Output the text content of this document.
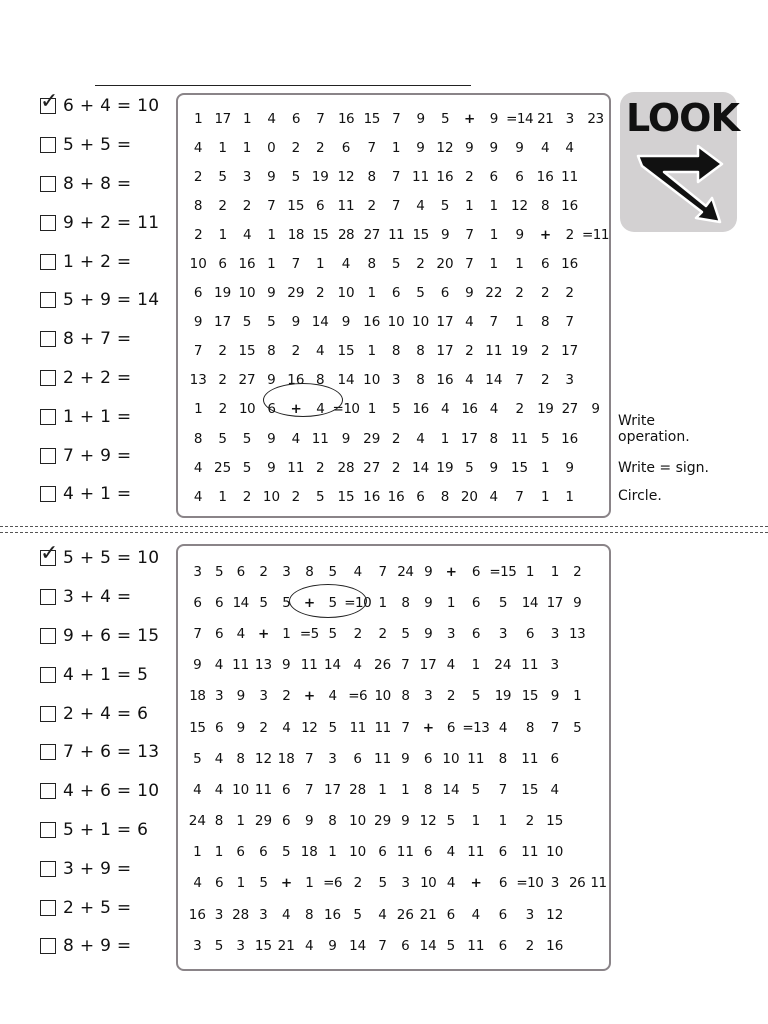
✓ 6 + 4 = 10
5 + 5 =
8 + 8 =
9 + 2 = 11
1 + 2 =
5 + 9 = 14
8 + 7 =
2 + 2 =
1 + 1 =
7 + 9 =
4 + 1 =
1	17	1	4	6	7	16	15	7	9	5	+	9	=14	21	3	23
4	1	1	0	2	2	6	7	1	9	12	9	9	9	4	4	
2	5	3	9	5	19	12	8	7	11	16	2	6	6	16	11	
8	2	2	7	15	6	11	2	7	4	5	1	1	12	8	16	
2	1	4	1	18	15	28	27	11	15	9	7	1	9	+	2	=11
10	6	16	1	7	1	4	8	5	2	20	7	1	1	6	16	
6	19	10	9	29	2	10	1	6	5	6	9	22	2	2	2	
9	17	5	5	9	14	9	16	10	10	17	4	7	1	8	7	
7	2	15	8	2	4	15	1	8	8	17	2	11	19	2	17	
13	2	27	9	16	8	14	10	3	8	16	4	14	7	2	3	
1	2	10	6	+	4	=10	1	5	16	4	16	4	2	19	27	9
8	5	5	9	4	11	9	29	2	4	1	17	8	11	5	16	
4	25	5	9	11	2	28	27	2	14	19	5	9	15	1	9	
4	1	2	10	2	5	15	16	16	6	8	20	4	7	1	1	
LOOK
Write operation.
Write = sign.
Circle.
✓ 5 + 5 = 10
3 + 4 =
9 + 6 = 15
4 + 1 = 5
2 + 4 = 6
7 + 6 = 13
4 + 6 = 10
5 + 1 = 6
3 + 9 =
2 + 5 =
8 + 9 =
3	5	6	2	3	8	5	4	7	24	9	+	6	=15	1	1	2	
6	6	14	5	5	+	5	=10	1	8	9	1	6	5	14	17	9	
7	6	4	+	1	=5	5	2	2	5	9	3	6	3	6	3	13	
9	4	11	13	9	11	14	4	26	7	17	4	1	24	11	3		
18	3	9	3	2	+	4	=6	10	8	3	2	5	19	15	9	1	
15	6	9	2	4	12	5	11	11	7	+	6	=13	4	8	7	5	
5	4	8	12	18	7	3	6	11	9	6	10	11	8	11	6		
4	4	10	11	6	7	17	28	1	1	8	14	5	7	15	4		
24	8	1	29	6	9	8	10	29	9	12	5	1	1	2	15		
1	1	6	6	5	18	1	10	6	11	6	4	11	6	11	10		
4	6	1	5	+	1	=6	2	5	3	10	4	+	6	=10	3	26	11
16	3	28	3	4	8	16	5	4	26	21	6	4	6	3	12		
3	5	3	15	21	4	9	14	7	6	14	5	11	6	2	16		
